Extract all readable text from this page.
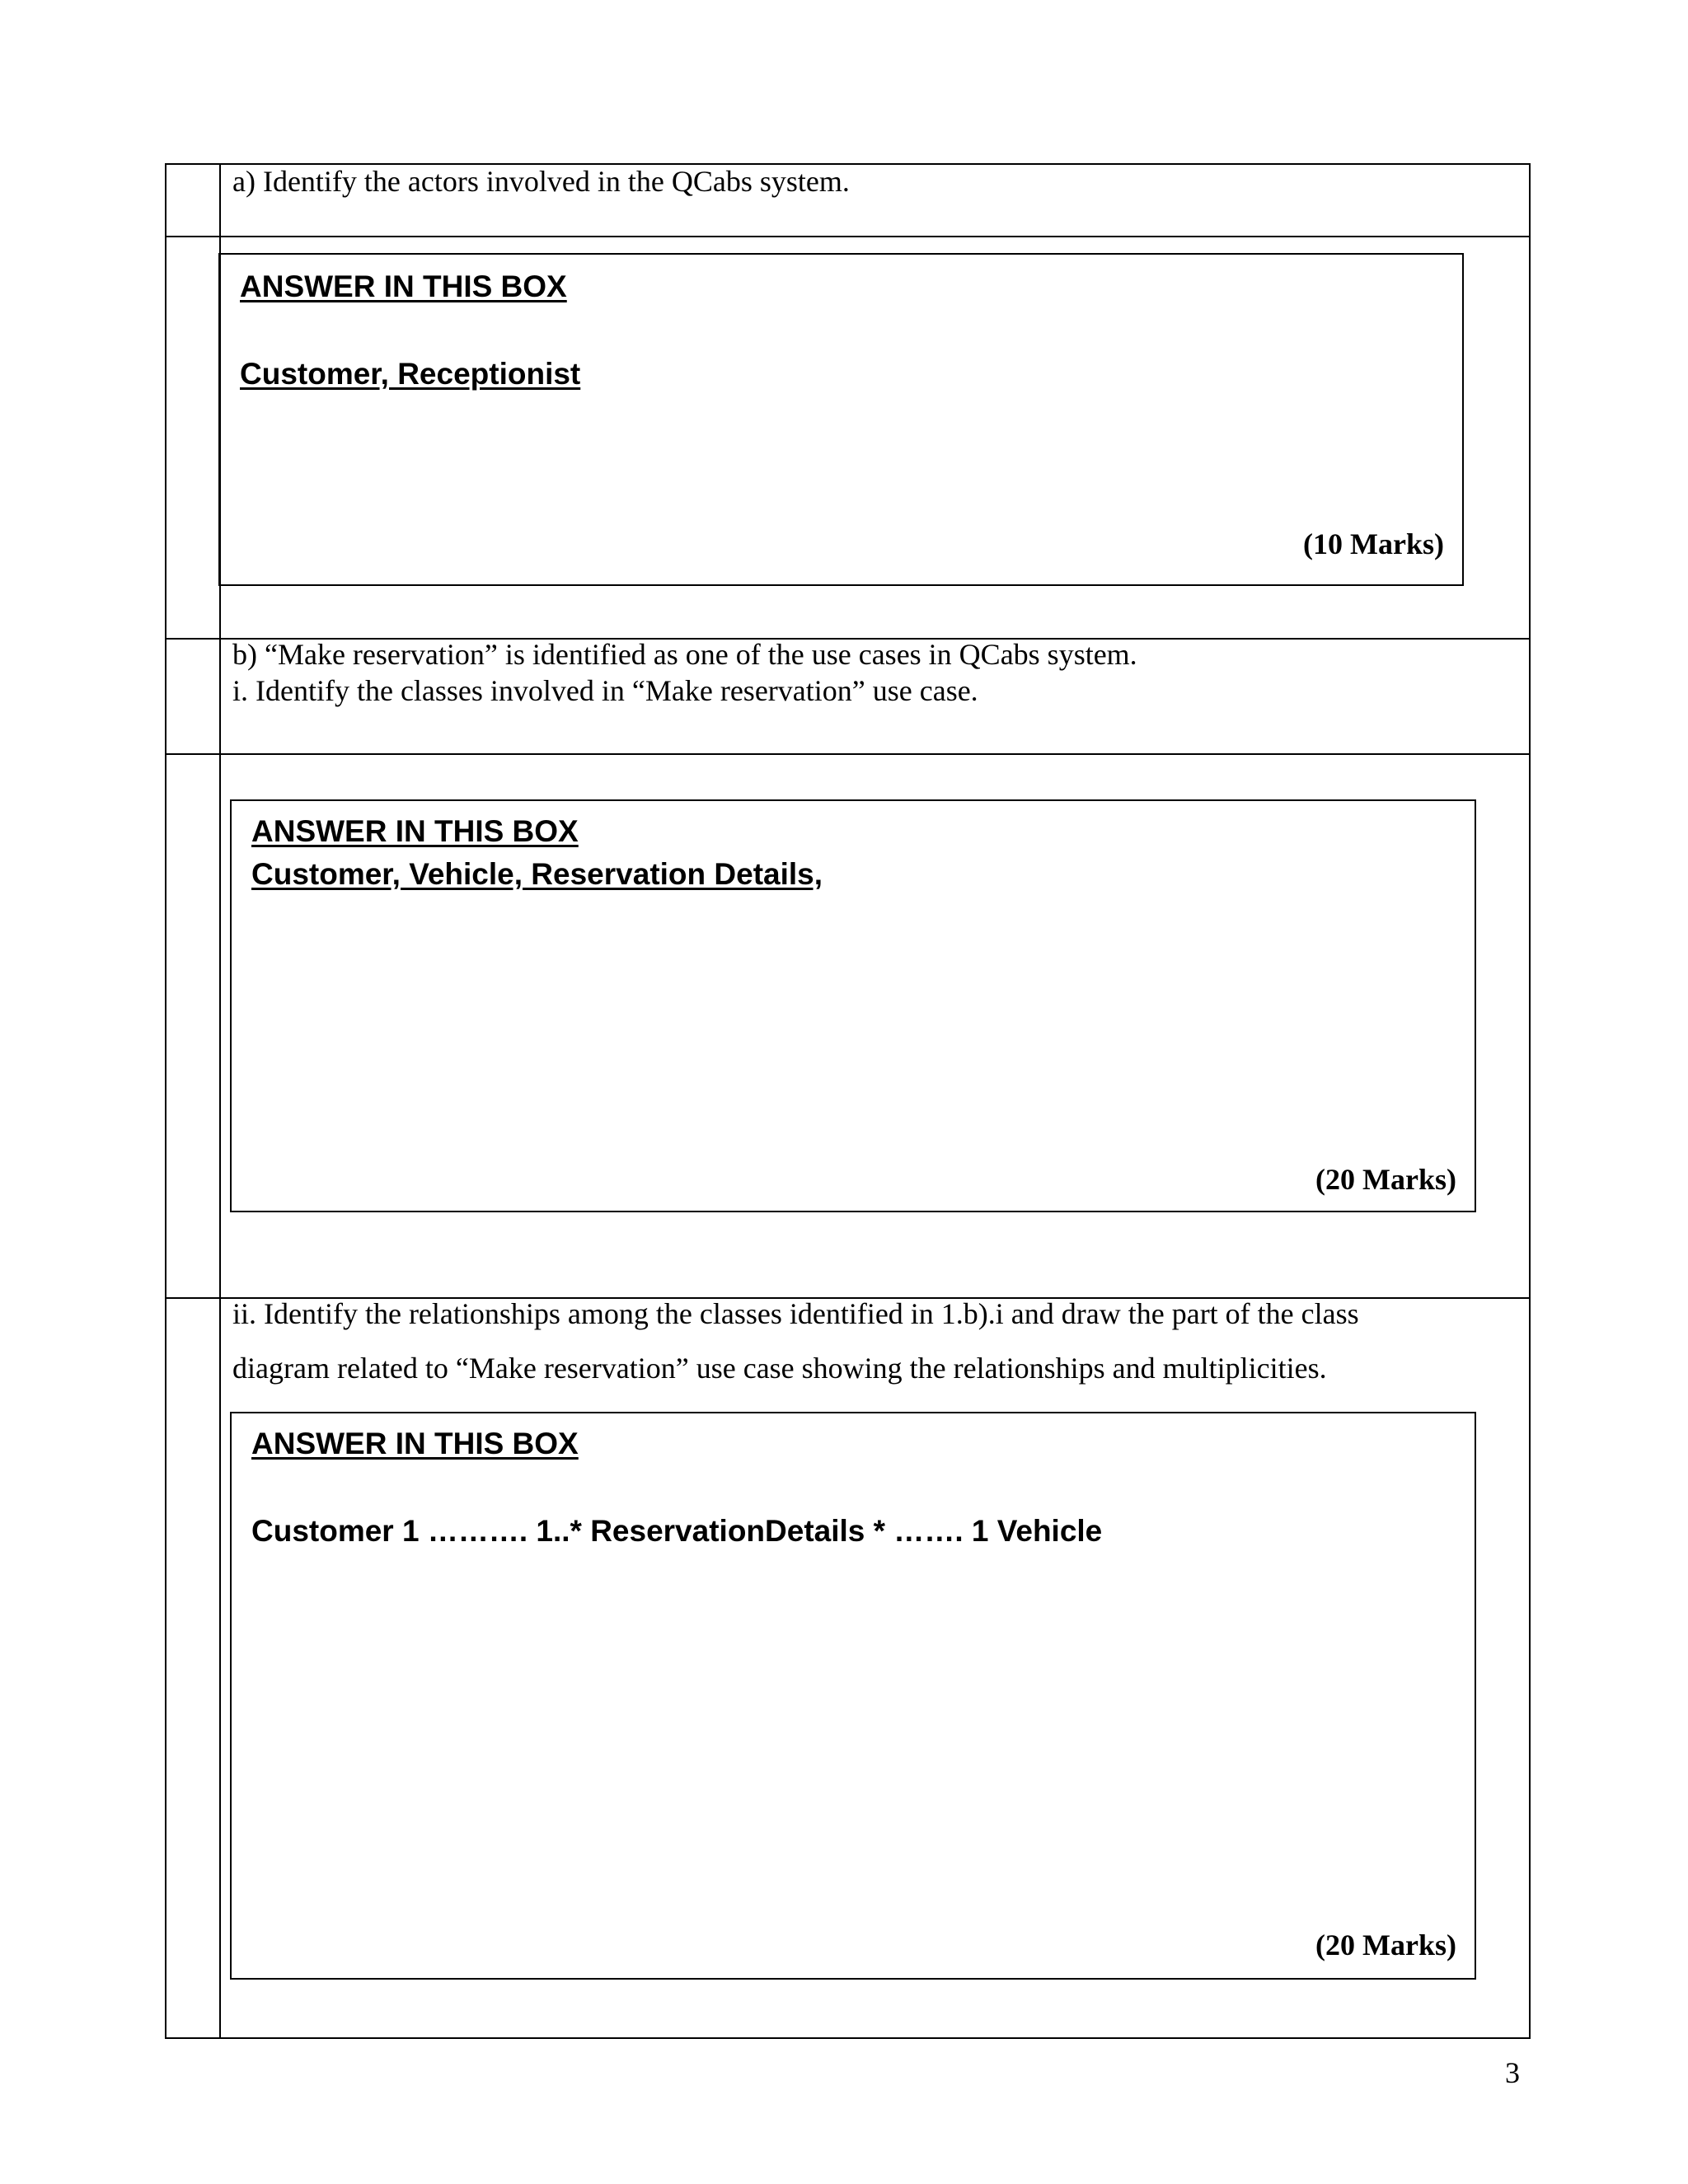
a) Identify the actors involved in the QCabs system.
ANSWER IN THIS BOX
Customer, Receptionist
(10 Marks)
b) “Make reservation” is identified as one of the use cases in QCabs system.
i. Identify the classes involved in “Make reservation” use case.
ANSWER IN THIS BOX
Customer, Vehicle, Reservation Details,
(20 Marks)
ii. Identify the relationships among the classes identified in 1.b).i and draw the part of the class
diagram related to “Make reservation” use case showing the relationships and multiplicities.
ANSWER IN THIS BOX
Customer 1 ………. 1..* ReservationDetails * ……. 1 Vehicle
(20 Marks)
3
